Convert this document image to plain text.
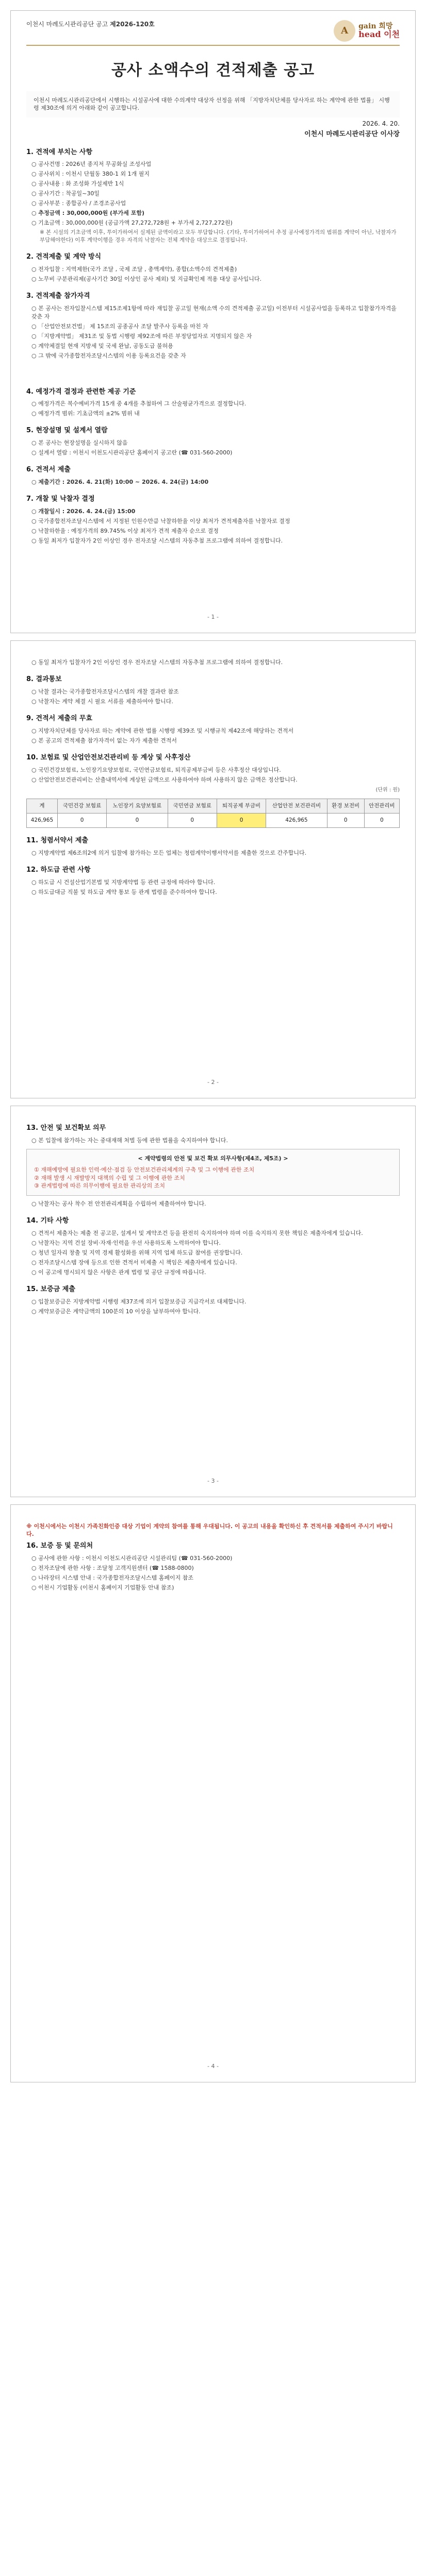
이천시 마례도시관리공단 공고 제2026-120호
A gain 희망
head 이천
공사 소액수의 견적제출 공고
이천시 마례도시관리공단에서 시행하는 시설공사에 대한 수의계약 대상자 선정을 위해 「지방자치단체를 당사자로 하는 계약에 관한 법률」 시행령 제30조에 의거 아래와 같이 공고합니다.
2026. 4. 20.
이천시 마례도시관리공단 이사장
1. 견적에 부치는 사항
○ 공사건명 : 2026년 종지저 무공화실 조성사업
○ 공사위치 : 이천시 단월동 380-1 외 1개 필지
○ 공사내용 : 화 조성화 가설제반 1식
○ 공사기간 : 착공일~30일
○ 공사부분 : 종합공사 / 조경조공사업
○ 추정금액 : 30,000,000원 (부가세 포함)
○ 기초금액 : 30,000,000원 (공급가액 27,272,728원 + 부가세 2,727,272원)
※ 본 시설의 기초금액 이후, 투이가하여서 실제된 금액이라고 모두 부담합니다. (기타, 투이가하여서 추정 공사예정가격의 범위를 계약이 아닌, 낙찰자가 부담해야한다) 이후 계약이행을 경우 자격의 낙찰자는 전체 계약을 대상으로 결정됩니다.
2. 견적제출 및 계약 방식
○ 전자입찰 : 지역제한(국가 조달 , 국제 조달 , 총액계약), 종합(소액수의 견적제출)
○ 노무비 구분관리제(공사기간 30일 이상인 공사 제외) 및 지급확인제 적용 대상 공사입니다.
3. 견적제출 참가자격
○ 본 공사는 전자입찰시스템 제15조제1항에 따라 재입찰 공고일 현재(소액 수의 견적제출 공고일) 이전부터 시설공사업을 등록하고 입찰참가자격을 갖춘 자
○ 「산업안전보건법」 제 15조의 공종공사 조달 발주사 등록을 마친 자
○ 「지방계약법」 제31조 및 동법 시행령 제92조에 따른 부정당업자로 지명되지 않은 자
○ 계약체결일 현재 지방세 및 국세 완납, 공동도급 불허용
○ 그 밖에 국가종합전자조달시스템의 이용 등록요건을 갖춘 자
4. 예정가격 결정과 관련한 제공 기준
○ 예정가격은 복수예비가격 15개 중 4개를 추첨하여 그 산술평균가격으로 결정합니다.
○ 예정가격 범위: 기초금액의 ±2% 범위 내
5. 현장설명 및 설계서 열람
○ 본 공사는 현장설명을 실시하지 않음
○ 설계서 열람 : 이천시 이천도시관리공단 홈페이지 공고란 (☎ 031-560-2000)
6. 견적서 제출
○ 제출기간 : 2026. 4. 21(화) 10:00 ~ 2026. 4. 24(금) 14:00
7. 개찰 및 낙찰자 결정
○ 개찰일시 : 2026. 4. 24.(금) 15:00
○ 국가종합전자조달시스템에 서 지정된 인원수만큼 낙찰하한율 이상 최저가 견적제출자를 낙찰자로 결정
○ 낙찰하한율 : 예정가격의 89.745% 이상 최저가 견적 제출자 순으로 결정
○ 동일 최저가 입찰자가 2인 이상인 경우 전자조달 시스템의 자동추첨 프로그램에 의하여 결정합니다.
- 1 -
○ 동일 최저가 입찰자가 2인 이상인 경우 전자조달 시스템의 자동추첨 프로그램에 의하여 결정합니다.
8. 결과통보
○ 낙찰 결과는 국가종합전자조달시스템의 개찰 결과란 참조
○ 낙찰자는 계약 체결 시 필요 서류를 제출하여야 합니다.
9. 견적서 제출의 무효
○ 지방자치단체를 당사자로 하는 계약에 관한 법률 시행령 제39조 및 시행규칙 제42조에 해당하는 견적서
○ 본 공고의 견적제출 참가자격이 없는 자가 제출한 견적서
10. 보험료 및 산업안전보건관리비 등 계상 및 사후정산
○ 국민건강보험료, 노인장기요양보험료, 국민연금보험료, 퇴직공제부금비 등은 사후정산 대상입니다.
○ 산업안전보건관리비는 산출내역서에 계상된 금액으로 사용하여야 하며 사용하지 않은 금액은 정산합니다.
(단위 : 원)
계	국민건강 보험료	노인장기 요양보험료	국민연금 보험료	퇴직공제 부금비	산업안전 보건관리비	환경 보전비	안전관리비
426,965	0	0	0	0	426,965	0	0
11. 청렴서약서 제출
○ 지방계약법 제6조의2에 의거 입찰에 참가하는 모든 업체는 청렴계약이행서약서를 제출한 것으로 간주합니다.
12. 하도급 관련 사항
○ 하도급 시 건설산업기본법 및 지방계약법 등 관련 규정에 따라야 합니다.
○ 하도급대금 직불 및 하도급 계약 통보 등 관계 법령을 준수하여야 합니다.
- 2 -
13. 안전 및 보건확보 의무
○ 본 입찰에 참가하는 자는 중대재해 처벌 등에 관한 법률을 숙지하여야 합니다.
< 계약법령의 안전 및 보건 확보 의무사항(제4조, 제5조) >
① 재해예방에 필요한 인력·예산·점검 등 안전보건관리체계의 구축 및 그 이행에 관한 조치
② 재해 발생 시 재발방지 대책의 수립 및 그 이행에 관한 조치
③ 관계법령에 따른 의무이행에 필요한 관리상의 조치
○ 낙찰자는 공사 착수 전 안전관리계획을 수립하여 제출하여야 합니다.
14. 기타 사항
○ 견적서 제출자는 제출 전 공고문, 설계서 및 계약조건 등을 완전히 숙지하여야 하며 이를 숙지하지 못한 책임은 제출자에게 있습니다.
○ 낙찰자는 지역 건설 장비·자재·인력을 우선 사용하도록 노력하여야 합니다.
○ 청년 일자리 창출 및 지역 경제 활성화를 위해 지역 업체 하도급 참여를 권장합니다.
○ 전자조달시스템 장애 등으로 인한 견적서 미제출 시 책임은 제출자에게 있습니다.
○ 이 공고에 명시되지 않은 사항은 관계 법령 및 공단 규정에 따릅니다.
15. 보증금 제출
○ 입찰보증금은 지방계약법 시행령 제37조에 의거 입찰보증금 지급각서로 대체합니다.
○ 계약보증금은 계약금액의 100분의 10 이상을 납부하여야 합니다.
- 3 -
※ 이천시에서는 이천시 가족친화인증 대상 기업이 계약의 참여를 통해 우대됩니다. 이 공고의 내용을 확인하신 후 견적서를 제출하여 주시기 바랍니다.
16. 보증 등 및 문의처
○ 공사에 관한 사항 : 이천시 이천도시관리공단 시설관리팀 (☎ 031-560-2000)
○ 전자조달에 관한 사항 : 조달청 고객지원센터 (☎ 1588-0800)
○ 나라장터 시스템 안내 : 국가종합전자조달시스템 홈페이지 참조
○ 이천시 기업활동 (이천시 홈페이지 기업활동 안내 참조)
- 4 -
